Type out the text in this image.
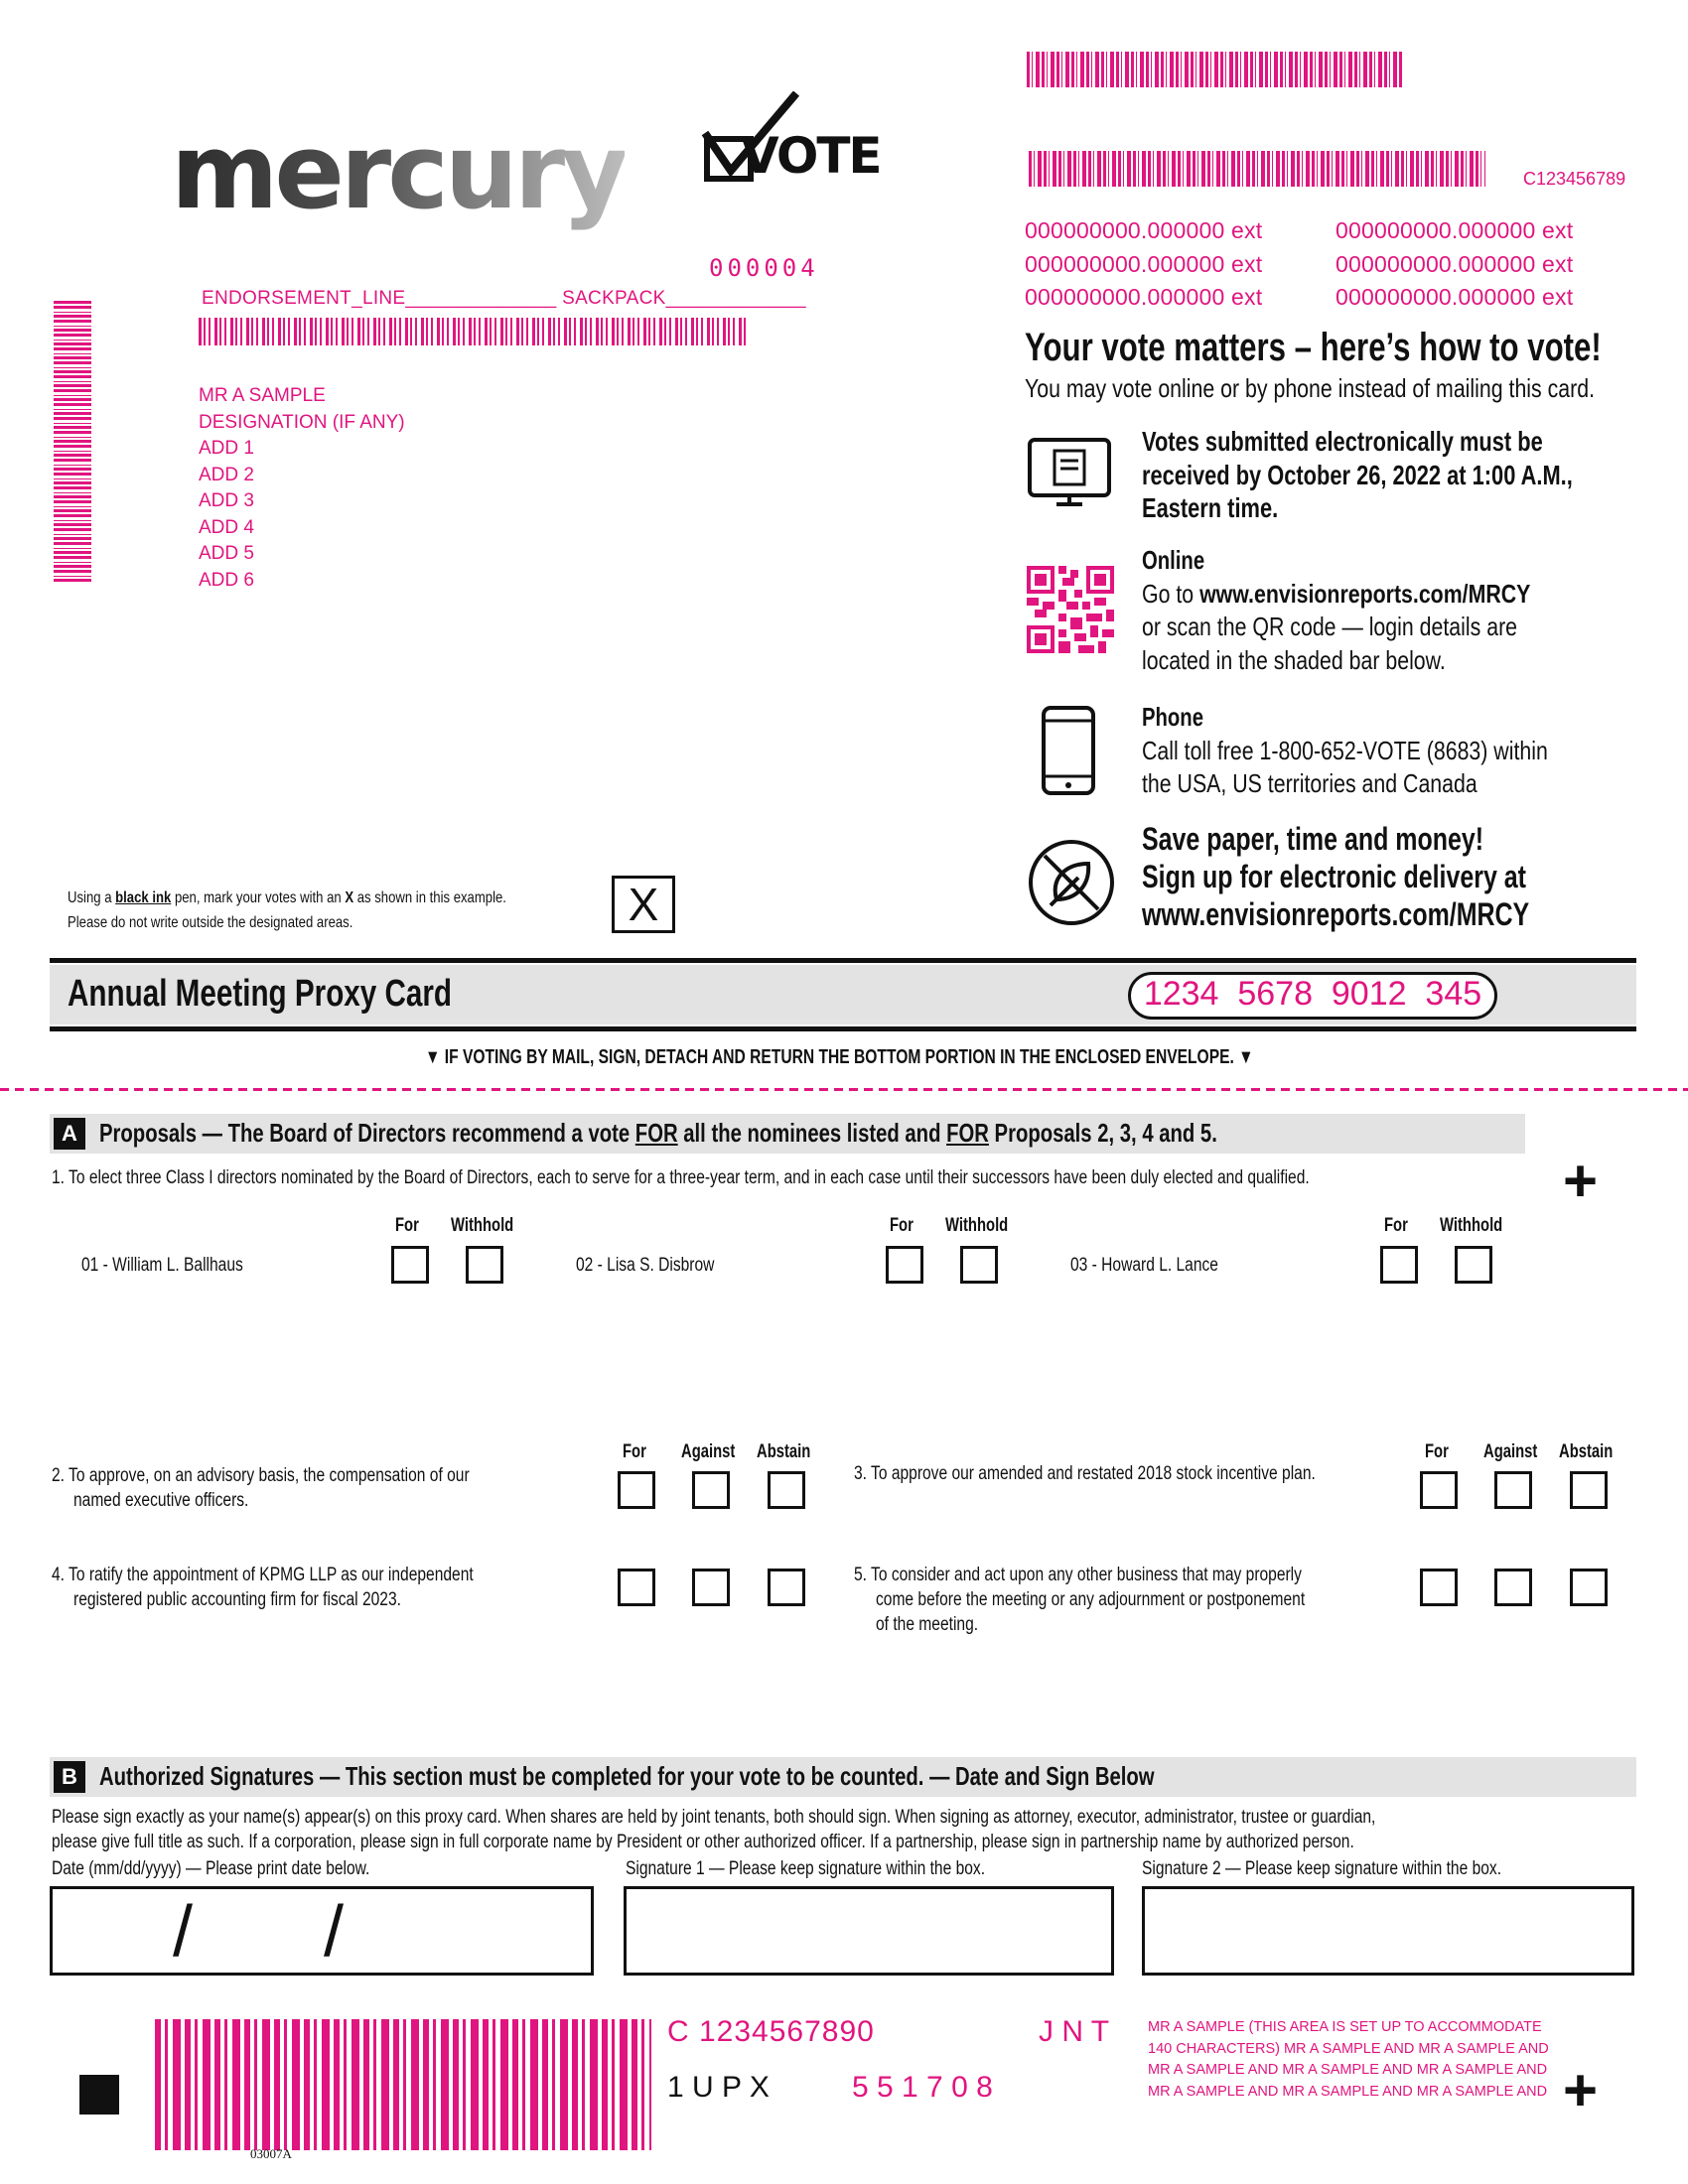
mercury VOTE
000004
ENDORSEMENT_LINE______________ SACKPACK_____________
MR A SAMPLE
DESIGNATION (IF ANY)
ADD 1
ADD 2
ADD 3
ADD 4
ADD 5
ADD 6
C123456789
000000000.000000 ext
000000000.000000 ext
000000000.000000 ext
000000000.000000 ext
000000000.000000 ext
000000000.000000 ext
Your vote matters – here’s how to vote!
You may vote online or by phone instead of mailing this card.
Votes submitted electronically must be
received by October 26, 2022 at 1:00 A.M.,
Eastern time.
Online
Go to www.envisionreports.com/MRCY
or scan the QR code — login details are
located in the shaded bar below.
Phone
Call toll free 1-800-652-VOTE (8683) within
the USA, US territories and Canada
Save paper, time and money!
Sign up for electronic delivery at
www.envisionreports.com/MRCY
Using a black ink pen, mark your votes with an X as shown in this example.
Please do not write outside the designated areas.	X
Annual Meeting Proxy Card	1234  5678  9012  345
▼ IF VOTING BY MAIL, SIGN, DETACH AND RETURN THE BOTTOM PORTION IN THE ENCLOSED ENVELOPE. ▼
A Proposals — The Board of Directors recommend a vote FOR all the nominees listed and FOR Proposals 2, 3, 4 and 5.
+
1. To elect three Class I directors nominated by the Board of Directors, each to serve for a three-year term, and in each case until their successors have been duly elected and qualified.
For Withhold
01 - William L. Ballhaus
For Withhold
02 - Lisa S. Disbrow
For Withhold
03 - Howard L. Lance
For Against Abstain	For Against Abstain
2. To approve, on an advisory basis, the compensation of our
named executive officers.
3. To approve our amended and restated 2018 stock incentive plan.
4. To ratify the appointment of KPMG LLP as our independent
registered public accounting firm for fiscal 2023.
5. To consider and act upon any other business that may properly
come before the meeting or any adjournment or postponement
of the meeting.
B Authorized Signatures — This section must be completed for your vote to be counted. — Date and Sign Below
Please sign exactly as your name(s) appear(s) on this proxy card. When shares are held by joint tenants, both should sign. When signing as attorney, executor, administrator, trustee or guardian,
please give full title as such. If a corporation, please sign in full corporate name by President or other authorized officer. If a partnership, please sign in partnership name by authorized person.
Date (mm/dd/yyyy) — Please print date below.	Signature 1 — Please keep signature within the box.	Signature 2 — Please keep signature within the box.
/ /
C 1234567890	J N T
1 U P X	5 5 1 7 0 8
MR A SAMPLE (THIS AREA IS SET UP TO ACCOMMODATE
140 CHARACTERS) MR A SAMPLE AND MR A SAMPLE AND
MR A SAMPLE AND MR A SAMPLE AND MR A SAMPLE AND
MR A SAMPLE AND MR A SAMPLE AND MR A SAMPLE AND +
03007A
